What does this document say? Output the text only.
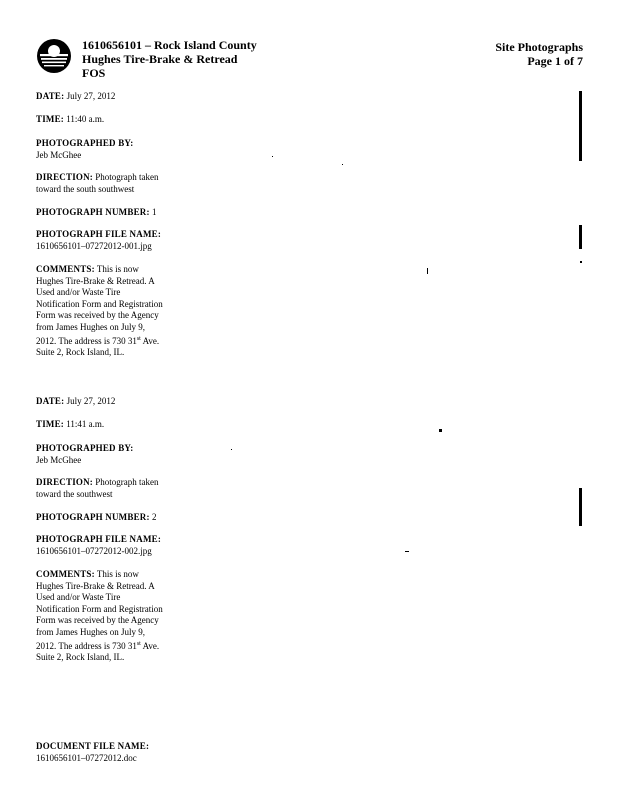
1610656101 – Rock Island County
Hughes Tire-Brake & Retread
FOS
Site Photographs
Page 1 of 7
DATE: July 27, 2012
TIME: 11:40 a.m.
PHOTOGRAPHED BY:
Jeb McGhee
DIRECTION: Photograph taken
toward the south southwest
PHOTOGRAPH NUMBER: 1
PHOTOGRAPH FILE NAME:
1610656101–07272012-001.jpg
COMMENTS: This is now
Hughes Tire-Brake & Retread. A
Used and/or Waste Tire
Notification Form and Registration
Form was received by the Agency
from James Hughes on July 9,
2012. The address is 730 31st Ave.
Suite 2, Rock Island, IL.
DATE: July 27, 2012
TIME: 11:41 a.m.
PHOTOGRAPHED BY:
Jeb McGhee
DIRECTION: Photograph taken
toward the southwest
PHOTOGRAPH NUMBER: 2
PHOTOGRAPH FILE NAME:
1610656101–07272012-002.jpg
COMMENTS: This is now
Hughes Tire-Brake & Retread. A
Used and/or Waste Tire
Notification Form and Registration
Form was received by the Agency
from James Hughes on July 9,
2012. The address is 730 31st Ave.
Suite 2, Rock Island, IL.
DOCUMENT FILE NAME:
1610656101–07272012.doc
